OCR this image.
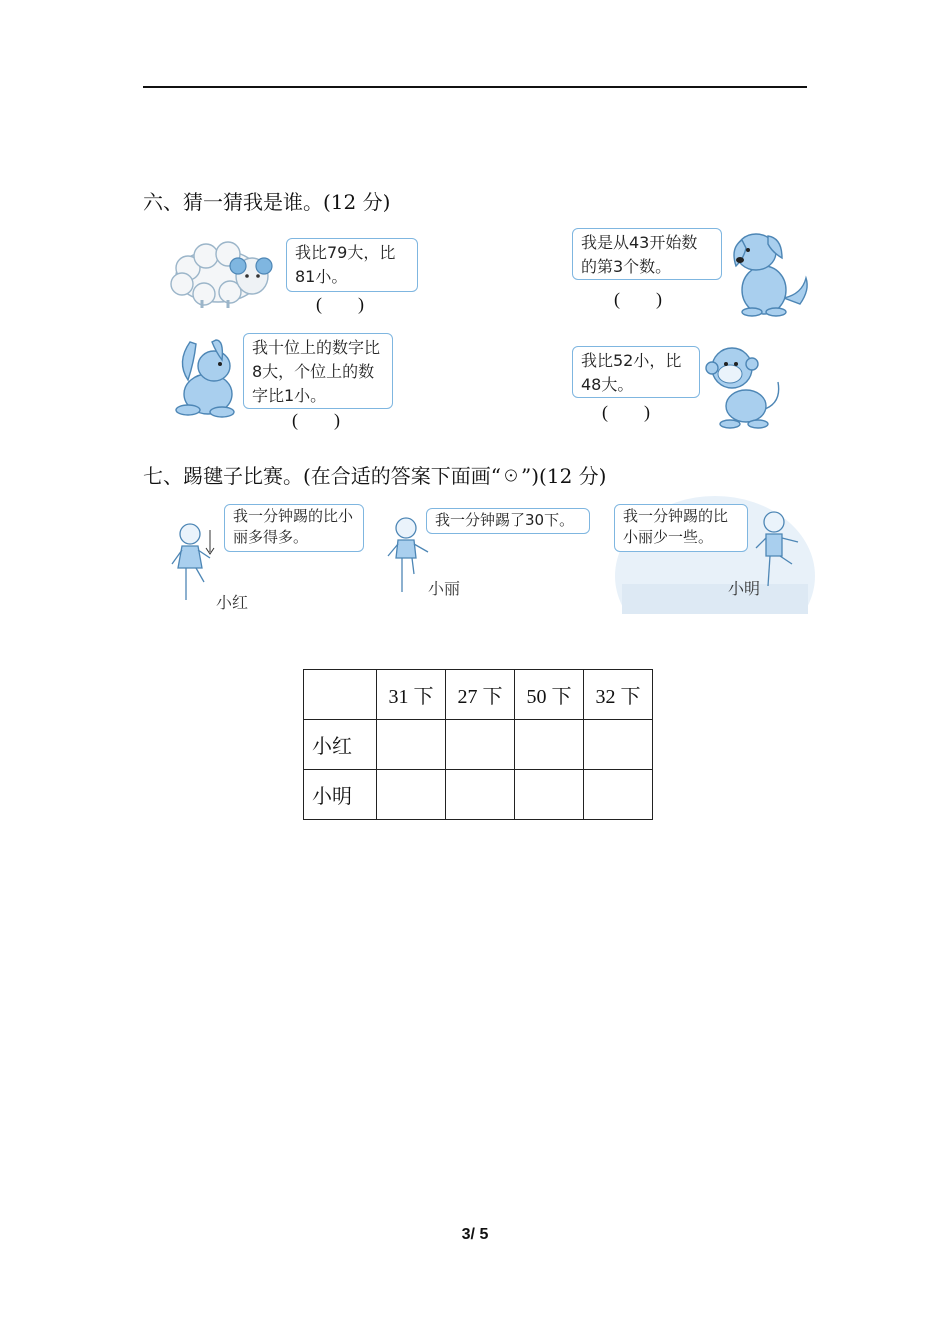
六、猜一猜我是谁。(12 分)
我比79大，比81小。
(        )
我是从43开始数的第3个数。
(        )
我十位上的数字比8大，个位上的数字比1小。
(        )
我比52小，比48大。
(        )
七、踢毽子比赛。(在合适的答案下面画“☉”)(12 分)
我一分钟踢的比小丽多得多。
小红
我一分钟踢了30下。
小丽
我一分钟踢的比小丽少一些。
小明
	31 下	27 下	50 下	32 下
小红				
小明				
3/ 5
